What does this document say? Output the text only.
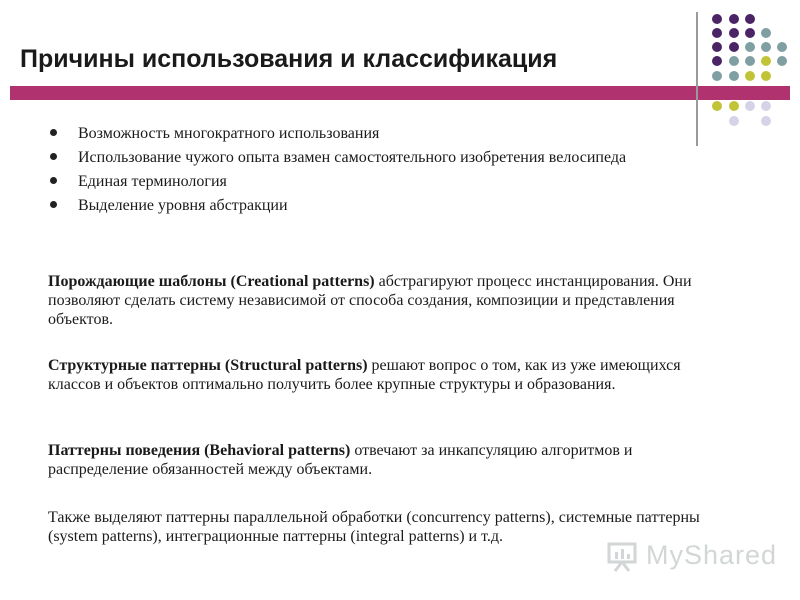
Причины использования и классификация
Возможность многократного использования
Использование чужого опыта взамен самостоятельного изобретения велосипеда
Единая терминология
Выделение уровня абстракции
Порождающие шаблоны (Creational patterns) абстрагируют процесс инстанцирования. Они позволяют сделать систему независимой от способа создания, композиции и представления объектов.
Структурные паттерны (Structural patterns) решают вопрос о том, как из уже имеющихся классов и объектов оптимально получить более крупные структуры и образования.
Паттерны поведения (Behavioral patterns) отвечают за инкапсуляцию алгоритмов и распределение обязанностей между объектами.
Также выделяют паттерны параллельной обработки (concurrency patterns), системные паттерны (system patterns), интеграционные паттерны (integral patterns) и т.д.
MyShared
